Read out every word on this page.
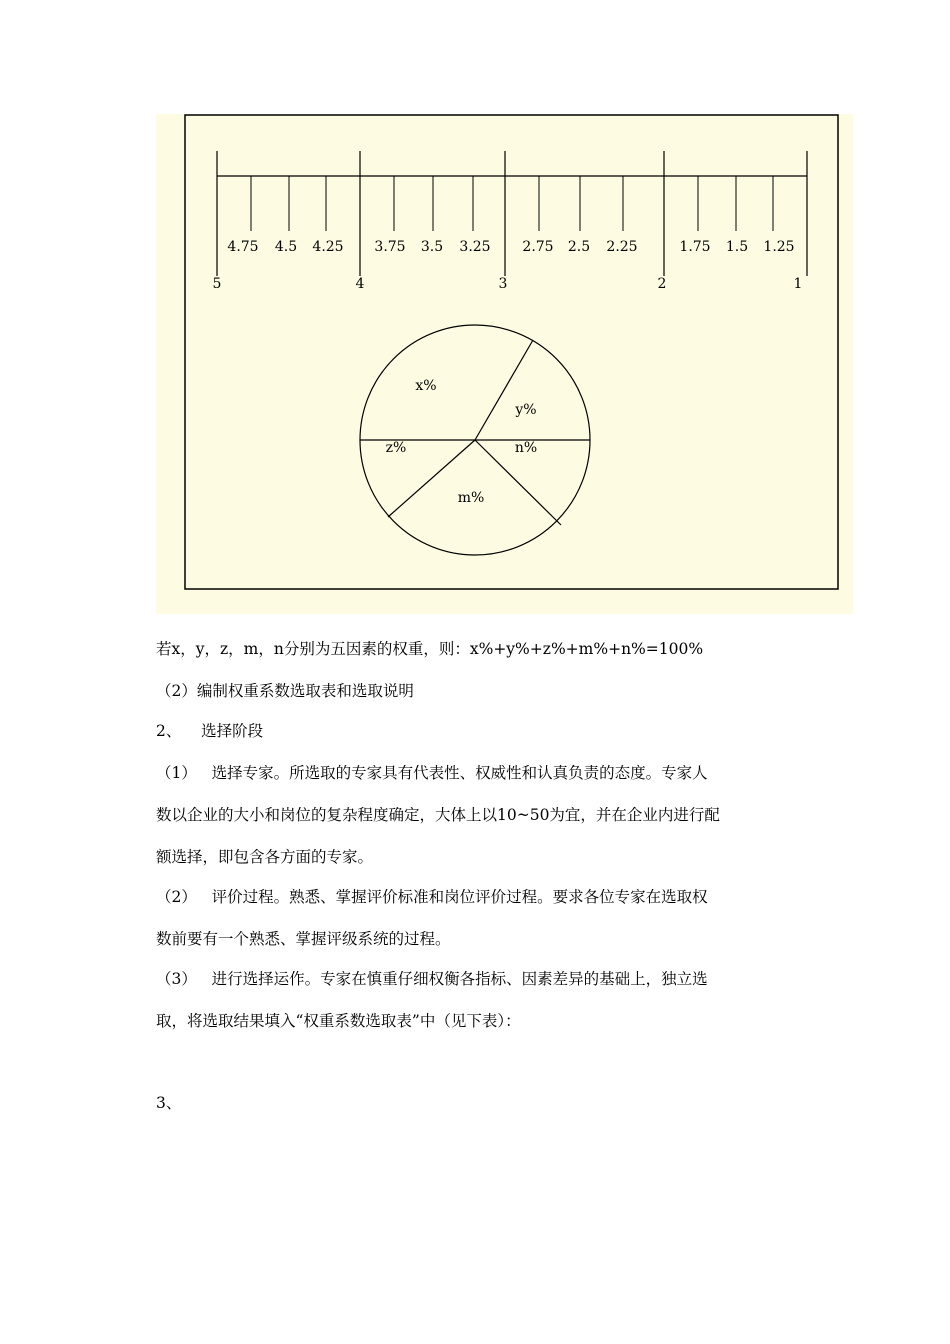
4.75 4.5 4.25 3.75 3.5 3.25 2.75 2.5 2.25	1.75 1.5 1.25
5	4	3	2	1
x%
y%
z%	n%
m%
若x，y，z，m，n分别为五因素的权重，则：x%+y%+z%+m%+n%=100%
（2）编制权重系数选取表和选取说明
2、    选择阶段
（1）   选择专家。所选取的专家具有代表性、权威性和认真负责的态度。专家人
数以企业的大小和岗位的复杂程度确定，大体上以10~50为宜，并在企业内进行配
额选择，即包含各方面的专家。
（2）   评价过程。熟悉、掌握评价标准和岗位评价过程。要求各位专家在选取权
数前要有一个熟悉、掌握评级系统的过程。
（3）   进行选择运作。专家在慎重仔细权衡各指标、因素差异的基础上，独立选
取，将选取结果填入“权重系数选取表”中（见下表）：
3、
